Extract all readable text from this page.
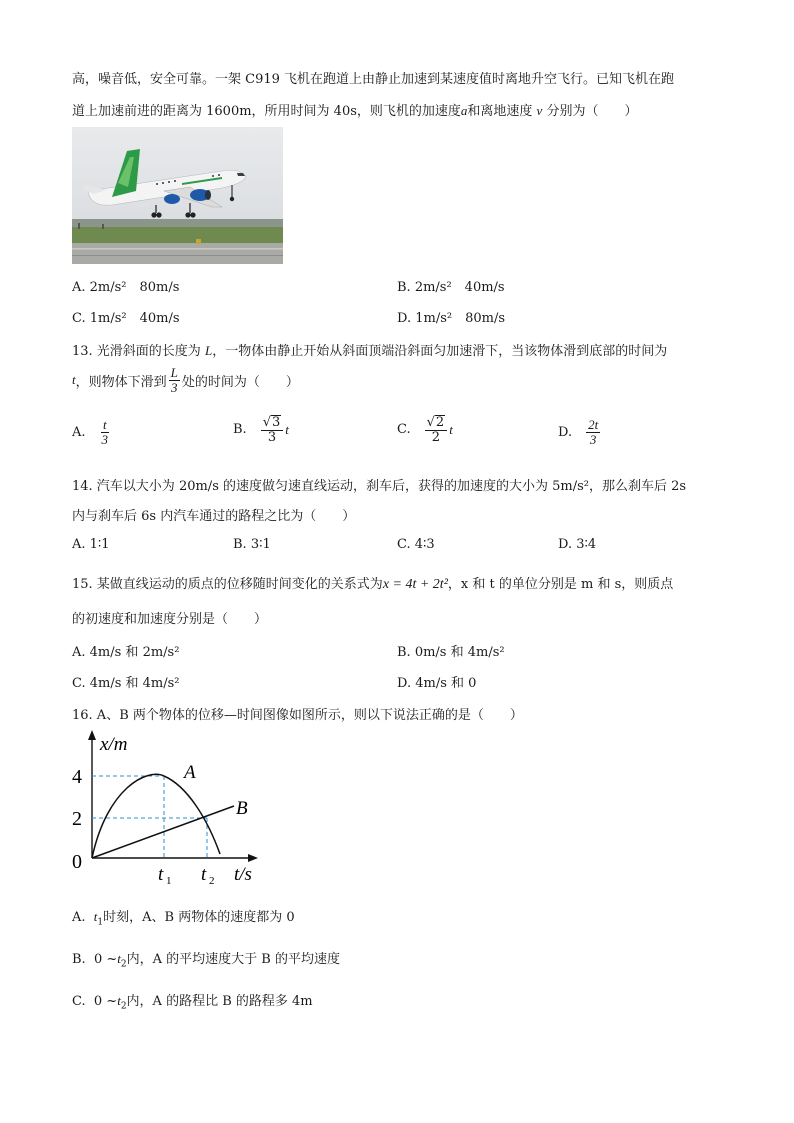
高，噪音低，安全可靠。一架 C919 飞机在跑道上由静止加速到某速度值时离地升空飞行。已知飞机在跑
道上加速前进的距离为 1600m，所用时间为 40s，则飞机的加速度a和离地速度 v 分别为（　　）
A. 2m/s²　80m/s	B. 2m/s²　40m/s
C. 1m/s²　40m/s	D. 1m/s²　80m/s
13. 光滑斜面的长度为 L，一物体由静止开始从斜面顶端沿斜面匀加速滑下，当该物体滑到底部的时间为
t ，则物体下滑到 $\frac{L}{3}$ 处的时间为（　　）
A. $\frac{t}{3}$	B. $\frac{√3}{3}$ t	C. $\frac{√2}{2}$ t	D. $\frac{2t}{3}$
14. 汽车以大小为 20m/s 的速度做匀速直线运动，刹车后，获得的加速度的大小为 5m/s²，那么刹车后 2s
内与刹车后 6s 内汽车通过的路程之比为（　　）
A. 1∶1	B. 3∶1	C. 4∶3	D. 3∶4
15. 某做直线运动的质点的位移随时间变化的关系式为x = 4t + 2t²，x 和 t 的单位分别是 m 和 s，则质点
的初速度和加速度分别是（　　）
A. 4m/s 和 2m/s²	B. 0m/s 和 4m/s²
C. 4m/s 和 4m/s²	D. 4m/s 和 0
16. A、B 两个物体的位移—时间图像如图所示，则以下说法正确的是（　　）
x/m
t/s
0
4
2
t 1 t 2
A
B
A. $t_1$时刻，A、B 两物体的速度都为 0
B. 0 $\sim t_2$内，A 的平均速度大于 B 的平均速度
C. 0 $\sim t_2$内，A 的路程比 B 的路程多 4m
